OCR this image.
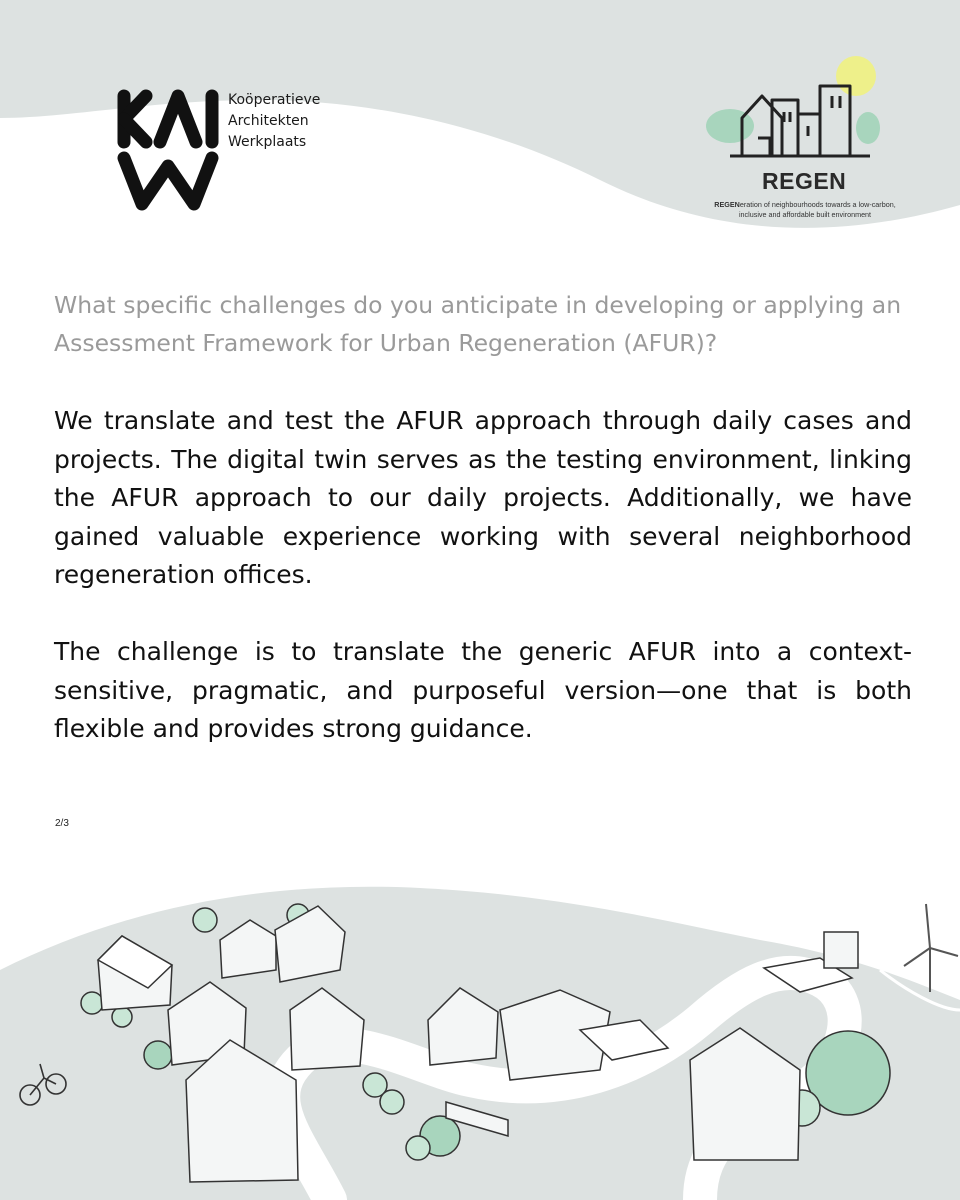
Koöperatieve
Architekten
Werkplaats
REGEN
REGENeration of neighbourhoods towards a low-carbon,
inclusive and affordable built environment
What specific challenges do you anticipate in developing or applying an Assessment Framework for Urban Regeneration (AFUR)?

We translate and test the AFUR approach through daily cases and projects. The digital twin serves as the testing environment, linking the AFUR approach to our daily projects. Additionally, we have gained valuable experience working with several neighborhood regeneration offices.

The challenge is to translate the generic AFUR into a context-sensitive, pragmatic, and purposeful version—one that is both flexible and provides strong guidance.

2/3
